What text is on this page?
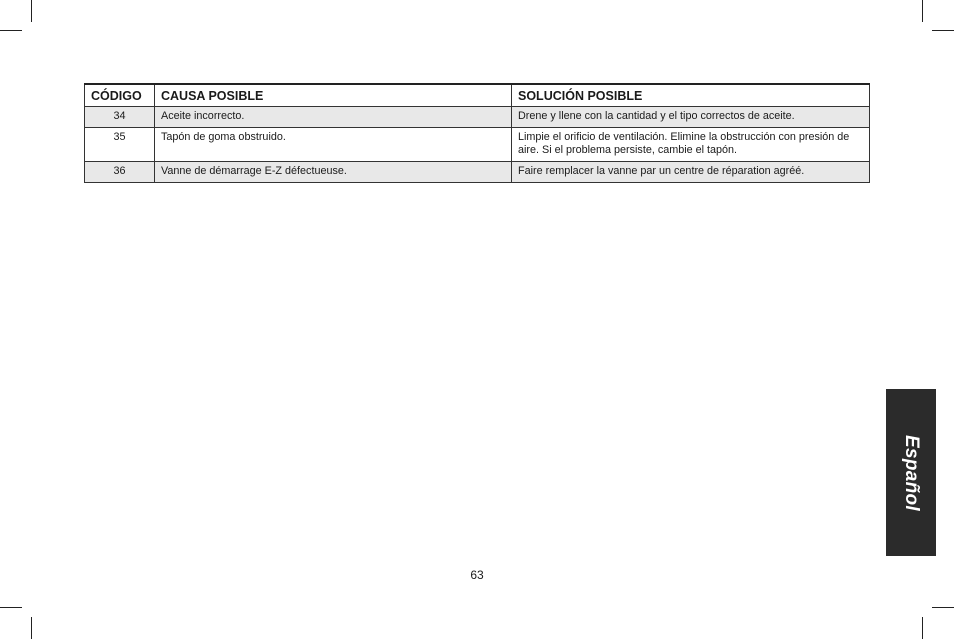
CÓDIGO	CAUSA POSIBLE	SOLUCIÓN POSIBLE
34	Aceite incorrecto.	Drene y llene con la cantidad y el tipo correctos de aceite.
35	Tapón de goma obstruido.	Limpie el orificio de ventilación. Elimine la obstrucción con presión de aire. Si el problema persiste, cambie el tapón.
36	Vanne de démarrage E-Z défectueuse.	Faire remplacer la vanne par un centre de réparation agréé.
Español
63
